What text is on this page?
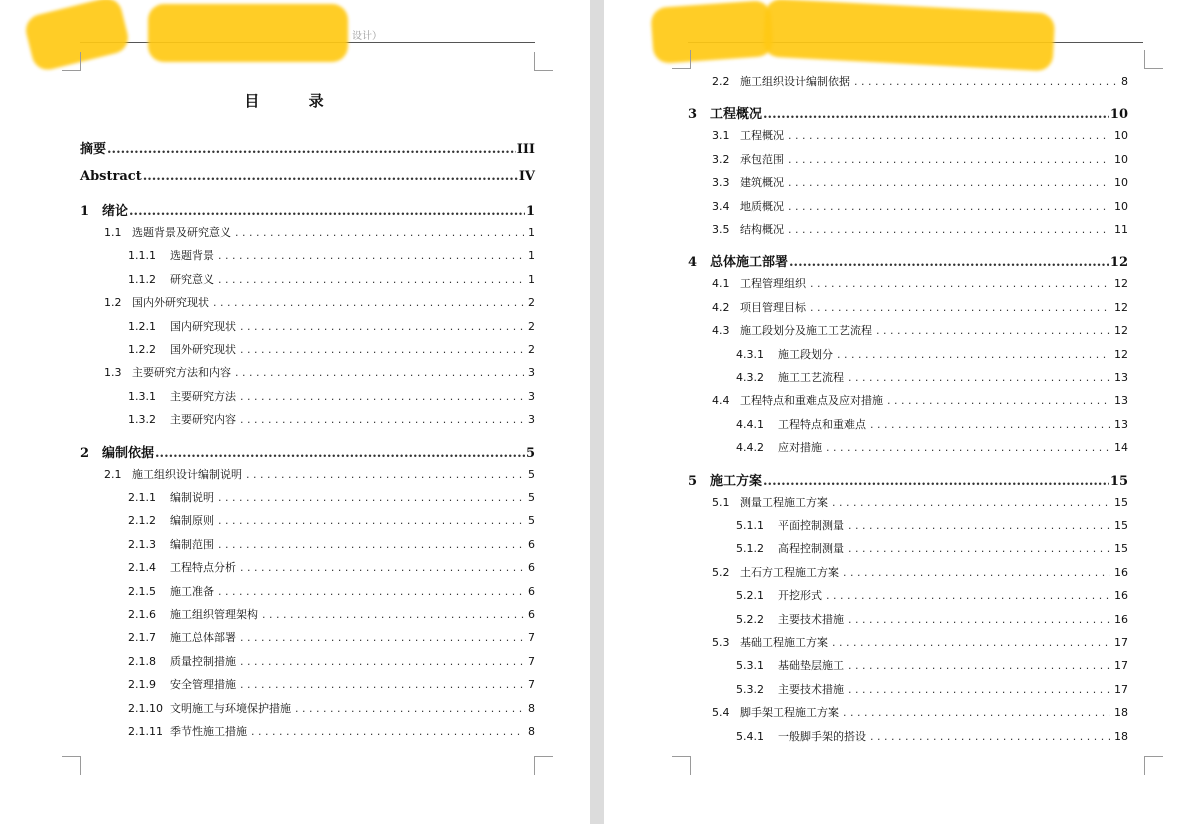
设计）
目 录
摘要 .....	III
Abstract .....	IV
1 绪论 .....	1
1.1 选题背景及研究意义 . . .	1
1.1.1	选题背景 . . .	1
1.1.2	研究意义 . . .	1
1.2 国内外研究现状 . . .	2
1.2.1	国内研究现状 . . .	2
1.2.2	国外研究现状 . . .	2
1.3 主要研究方法和内容 . . .	3
1.3.1	主要研究方法 . . .	3
1.3.2	主要研究内容 . . .	3
2 编制依据 .....	5
2.1 施工组织设计编制说明 . . .	5
2.1.1	编制说明 . . .	5
2.1.2	编制原则 . . .	5
2.1.3	编制范围 . . .	6
2.1.4	工程特点分析 . . .	6
2.1.5	施工准备 . . .	6
2.1.6	施工组织管理架构 . . .	6
2.1.7	施工总体部署 . . .	7
2.1.8	质量控制措施 . . .	7
2.1.9	安全管理措施 . . .	7
2.1.10 文明施工与环境保护措施 . . .	8
2.1.11 季节性施工措施 . . .	8
2.2 施工组织设计编制依据 . . .	8
3 工程概况 .....	10
3.1 工程概况 . . .	10
3.2 承包范围 . . .	10
3.3 建筑概况 . . .	10
3.4 地质概况 . . .	10
3.5 结构概况 . . .	11
4 总体施工部署 .....	12
4.1 工程管理组织 . . .	12
4.2 项目管理目标 . . .	12
4.3 施工段划分及施工工艺流程 . . .	12
4.3.1	施工段划分 . . .	12
4.3.2	施工工艺流程 . . .	13
4.4 工程特点和重难点及应对措施 . . .	13
4.4.1	工程特点和重难点 . . .	13
4.4.2	应对措施 . . .	14
5 施工方案 .....	15
5.1 测量工程施工方案 . . .	15
5.1.1	平面控制测量 . . .	15
5.1.2	高程控制测量 . . .	15
5.2 土石方工程施工方案 . . .	16
5.2.1	开挖形式 . . .	16
5.2.2	主要技术措施 . . .	16
5.3 基础工程施工方案 . . .	17
5.3.1	基础垫层施工 . . .	17
5.3.2	主要技术措施 . . .	17
5.4 脚手架工程施工方案 . . .	18
5.4.1	一般脚手架的搭设 . . .	18
